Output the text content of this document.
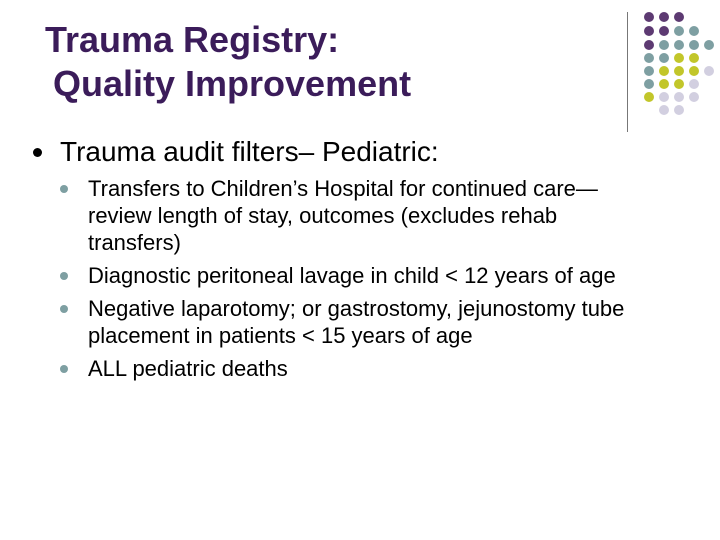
Trauma Registry:
Quality Improvement
Trauma audit filters– Pediatric:
Transfers to Children’s Hospital for continued care—review length of stay, outcomes (excludes rehab transfers)
Diagnostic peritoneal lavage in child < 12 years of age
Negative laparotomy; or gastrostomy, jejunostomy tube placement in patients < 15 years of age
ALL pediatric deaths
